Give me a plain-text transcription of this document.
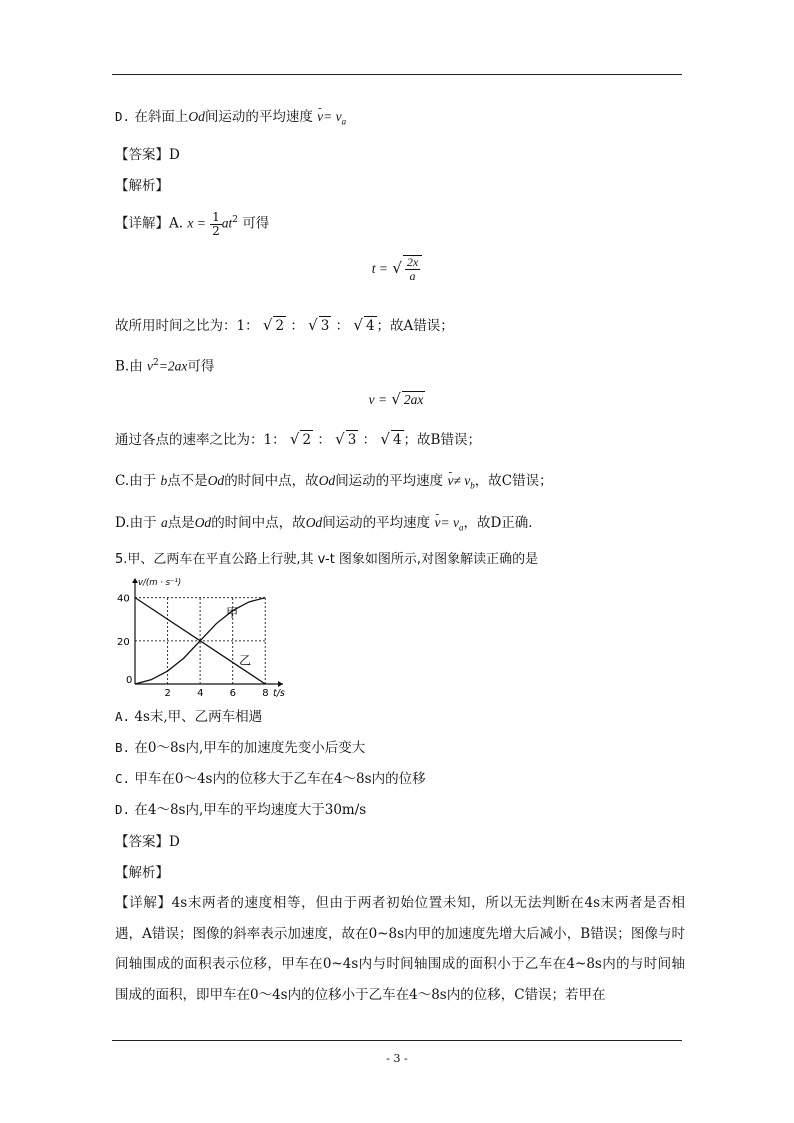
D. 在斜面上Od间运动的平均速度 - $v= v_a$
【答案】D
【解析】
【详解】A. $x = \frac{1}{2} at^2$ 可得
t = √ $\frac{2x}{a}$
故所用时间之比为：1： √ 2 ： √ 3 ： √ 4 ；故A错误；
B.由 $v^2=2ax$可得
v = √ 2ax
通过各点的速率之比为：1： √ 2 ： √ 3 ： √ 4 ；故B错误；
C.由于 b点不是Od的时间中点，故Od间运动的平均速度 - $v\ne v_b$，故C错误；
D.由于 a点是Od的时间中点，故Od间运动的平均速度 - $v= v_a$，故D正确．
5.甲、乙两车在平直公路上行驶,其 v-t 图象如图所示,对图象解读正确的是
甲
乙
0
2	4	6	8
20
40
v/(m · s⁻¹)
t/s
A. 4s末,甲、乙两车相遇
B. 在0～8s内,甲车的加速度先变小后变大
C. 甲车在0～4s内的位移大于乙车在4～8s内的位移
D. 在4～8s内,甲车的平均速度大于30m/s
【答案】D
【解析】
【详解】4s末两者的速度相等，但由于两者初始位置未知，所以无法判断在4s末两者是否相遇，A错误；图像的斜率表示加速度，故在0~8s内甲的加速度先增大后减小，B错误；图像与时间轴围成的面积表示位移，甲车在0~4s内与时间轴围成的面积小于乙车在4~8s内的与时间轴围成的面积，即甲车在0～4s内的位移小于乙车在4～8s内的位移，C错误；若甲在
- 3 -
